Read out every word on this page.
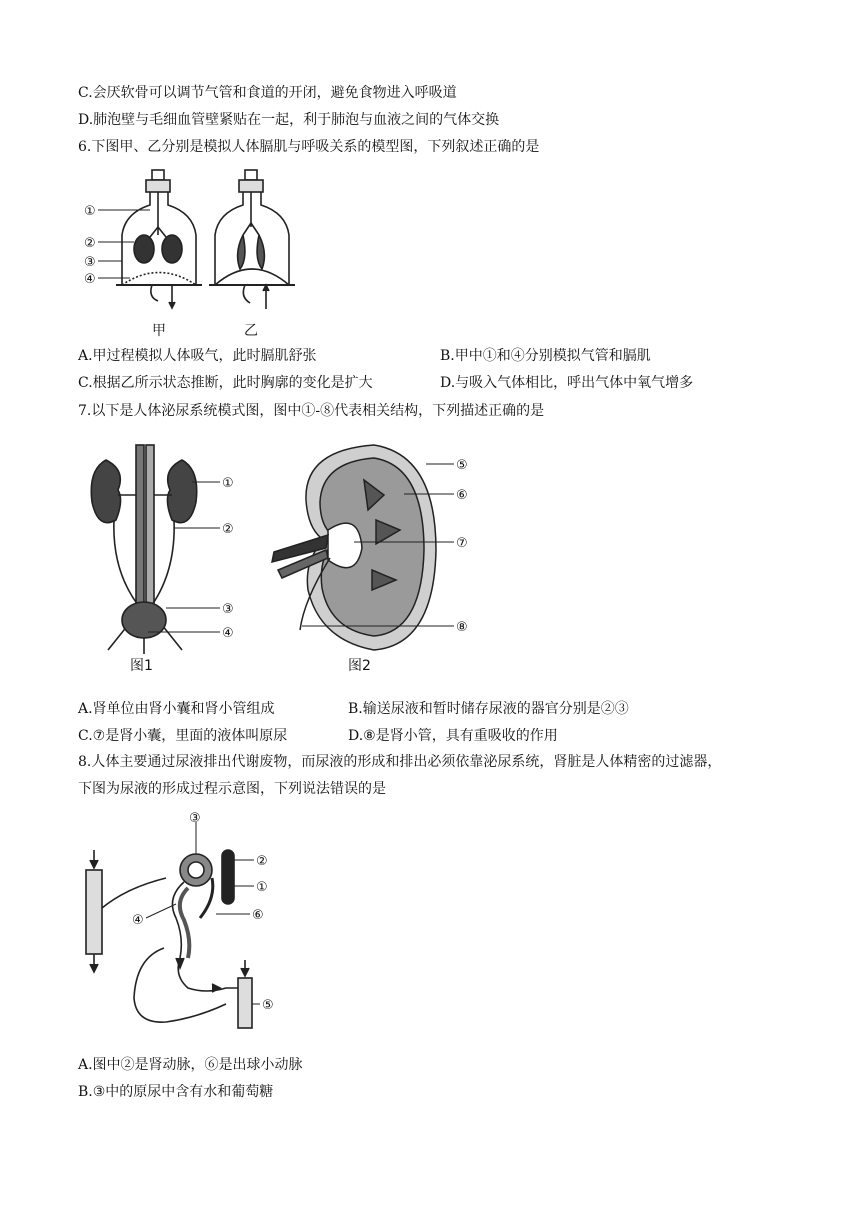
C.会厌软骨可以调节气管和食道的开闭，避免食物进入呼吸道
D.肺泡壁与毛细血管壁紧贴在一起，利于肺泡与血液之间的气体交换
6.下图甲、乙分别是模拟人体膈肌与呼吸关系的模型图，下列叙述正确的是
①
②
③
④
甲	乙
A.甲过程模拟人体吸气，此时膈肌舒张	B.甲中①和④分别模拟气管和膈肌
C.根据乙所示状态推断，此时胸廓的变化是扩大	D.与吸入气体相比，呼出气体中氧气增多
7.以下是人体泌尿系统模式图，图中①-⑧代表相关结构，下列描述正确的是
①
②
③
④
图1
⑤
⑥
⑦
⑧
图2
A.肾单位由肾小囊和肾小管组成	B.输送尿液和暂时储存尿液的器官分别是②③
C.⑦是肾小囊，里面的液体叫原尿	D.⑧是肾小管，具有重吸收的作用
8.人体主要通过尿液排出代谢废物，而尿液的形成和排出必须依靠泌尿系统，肾脏是人体精密的过滤器，
下图为尿液的形成过程示意图，下列说法错误的是
③
②
①
④	⑥
⑤
A.图中②是肾动脉，⑥是出球小动脉
B.③中的原尿中含有水和葡萄糖
